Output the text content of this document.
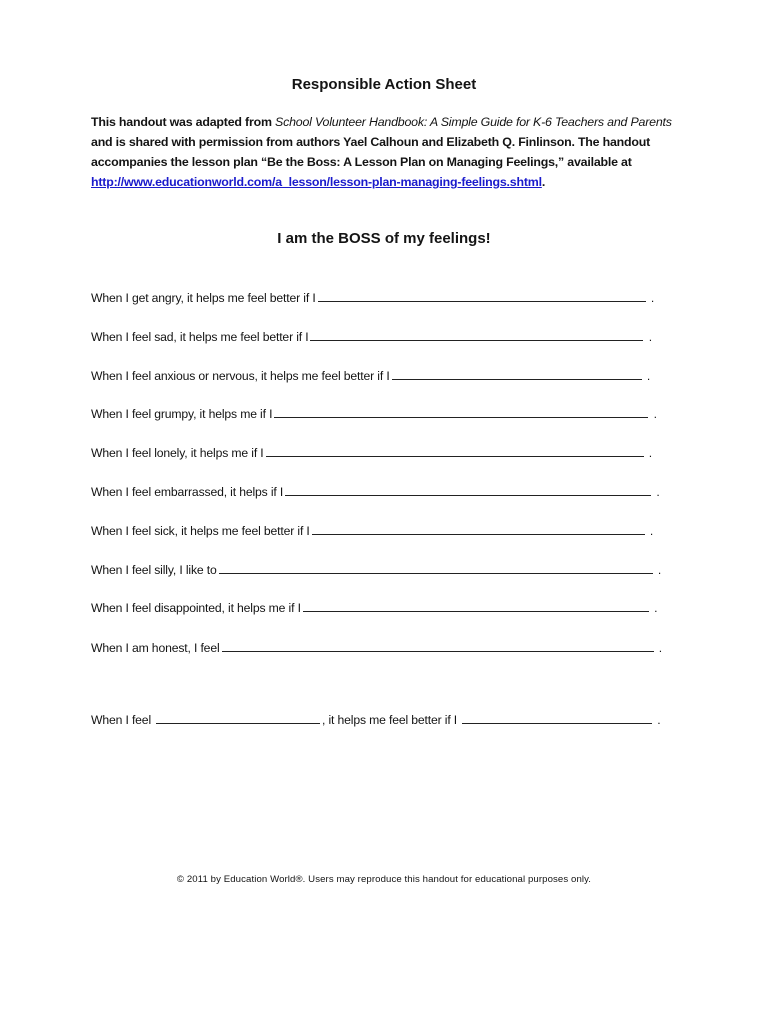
Responsible Action Sheet
This handout was adapted from School Volunteer Handbook: A Simple Guide for K-6 Teachers and Parents and is shared with permission from authors Yael Calhoun and Elizabeth Q. Finlinson. The handout accompanies the lesson plan “Be the Boss: A Lesson Plan on Managing Feelings,” available at http://www.educationworld.com/a_lesson/lesson-plan-managing-feelings.shtml.
I am the BOSS of my feelings!
When I get angry, it helps me feel better if I	.
When I feel sad, it helps me feel better if I	.
When I feel anxious or nervous, it helps me feel better if I	.
When I feel grumpy, it helps me if I	.
When I feel lonely, it helps me if I	.
When I feel embarrassed, it helps if I	.
When I feel sick, it helps me feel better if I	.
When I feel silly, I like to	.
When I feel disappointed, it helps me if I	.
When I am honest, I feel	.
When I feel	, it helps me feel better if I	.
© 2011 by Education World®. Users may reproduce this handout for educational purposes only.
